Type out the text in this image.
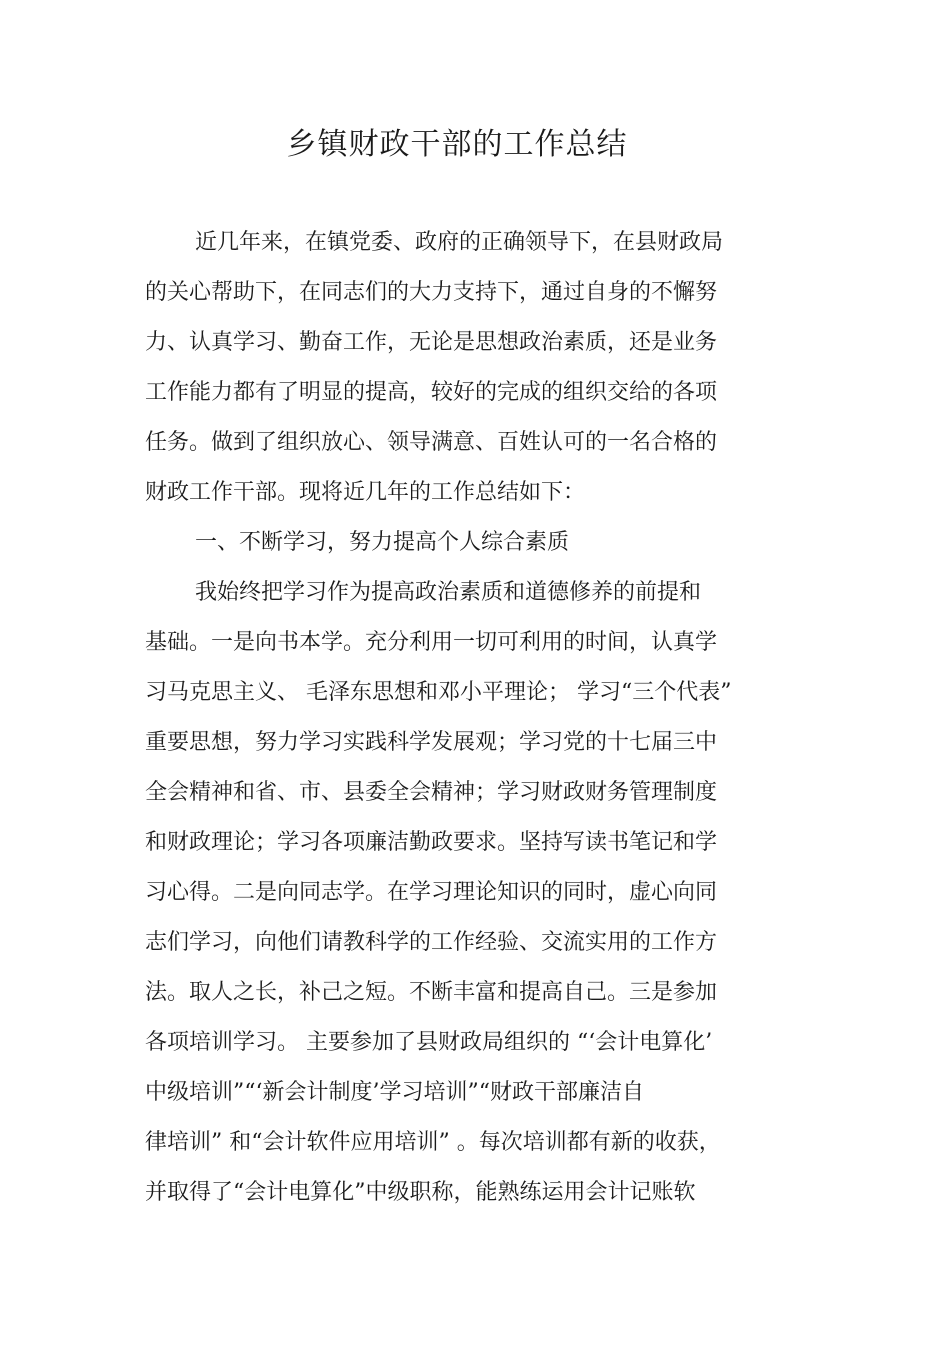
乡镇财政干部的工作总结
近几年来，在镇党委、政府的正确领导下，在县财政局
的关心帮助下，在同志们的大力支持下，通过自身的不懈努
力、认真学习、勤奋工作，无论是思想政治素质，还是业务
工作能力都有了明显的提高，较好的完成的组织交给的各项
任务。做到了组织放心、领导满意、百姓认可的一名合格的
财政工作干部。现将近几年的工作总结如下：
一、不断学习，努力提高个人综合素质
我始终把学习作为提高政治素质和道德修养的前提和
基础。一是向书本学。充分利用一切可利用的时间，认真学
习马克思主义、 毛泽东思想和邓小平理论； 学习“三个代表”
重要思想，努力学习实践科学发展观；学习党的十七届三中
全会精神和省、市、县委全会精神；学习财政财务管理制度
和财政理论；学习各项廉洁勤政要求。坚持写读书笔记和学
习心得。二是向同志学。在学习理论知识的同时，虚心向同
志们学习，向他们请教科学的工作经验、交流实用的工作方
法。取人之长，补己之短。不断丰富和提高自己。三是参加
各项培训学习。 主要参加了县财政局组织的 “‘会计电算化’
中级培训”“‘新会计制度’学习培训”“财政干部廉洁自
律培训” 和“会计软件应用培训” 。每次培训都有新的收获，
并取得了“会计电算化”中级职称，能熟练运用会计记账软
